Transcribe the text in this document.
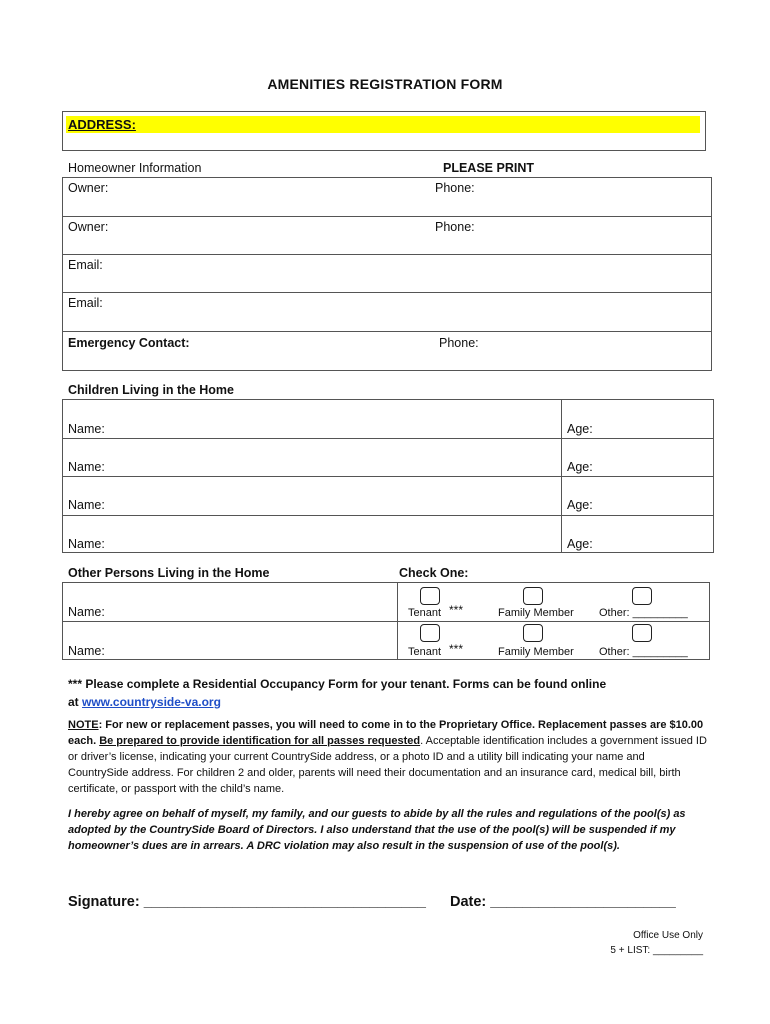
AMENITIES REGISTRATION FORM
ADDRESS:
Homeowner Information	PLEASE PRINT
Owner:	Phone:
Owner:	Phone:
Email:
Email:
Emergency Contact:	Phone:
Children Living in the Home
Name:	Age:
Name:	Age:
Name:	Age:
Name:	Age:
Other Persons Living in the Home	Check One:
Name:	Tenant ***	Family Member Other: _________
Name:	Tenant ***	Family Member Other: _________
*** Please complete a Residential Occupancy Form for your tenant. Forms can be found online
at www.countryside-va.org
NOTE: For new or replacement passes, you will need to come in to the Proprietary Office. Replacement passes are $10.00 each. Be prepared to provide identification for all passes requested. Acceptable identification includes a government issued ID or driver’s license, indicating your current CountrySide address, or a photo ID and a utility bill indicating your name and CountrySide address. For children 2 and older, parents will need their documentation and an insurance card, medical bill, birth certificate, or passport with the child’s name.
I hereby agree on behalf of myself, my family, and our guests to abide by all the rules and regulations of the pool(s) as adopted by the CountrySide Board of Directors. I also understand that the use of the pool(s) will be suspended if my homeowner’s dues are in arrears. A DRC violation may also result in the suspension of use of the pool(s).
Signature: ___________________________________ Date: _______________________
Office Use Only
5 + LIST: _________
